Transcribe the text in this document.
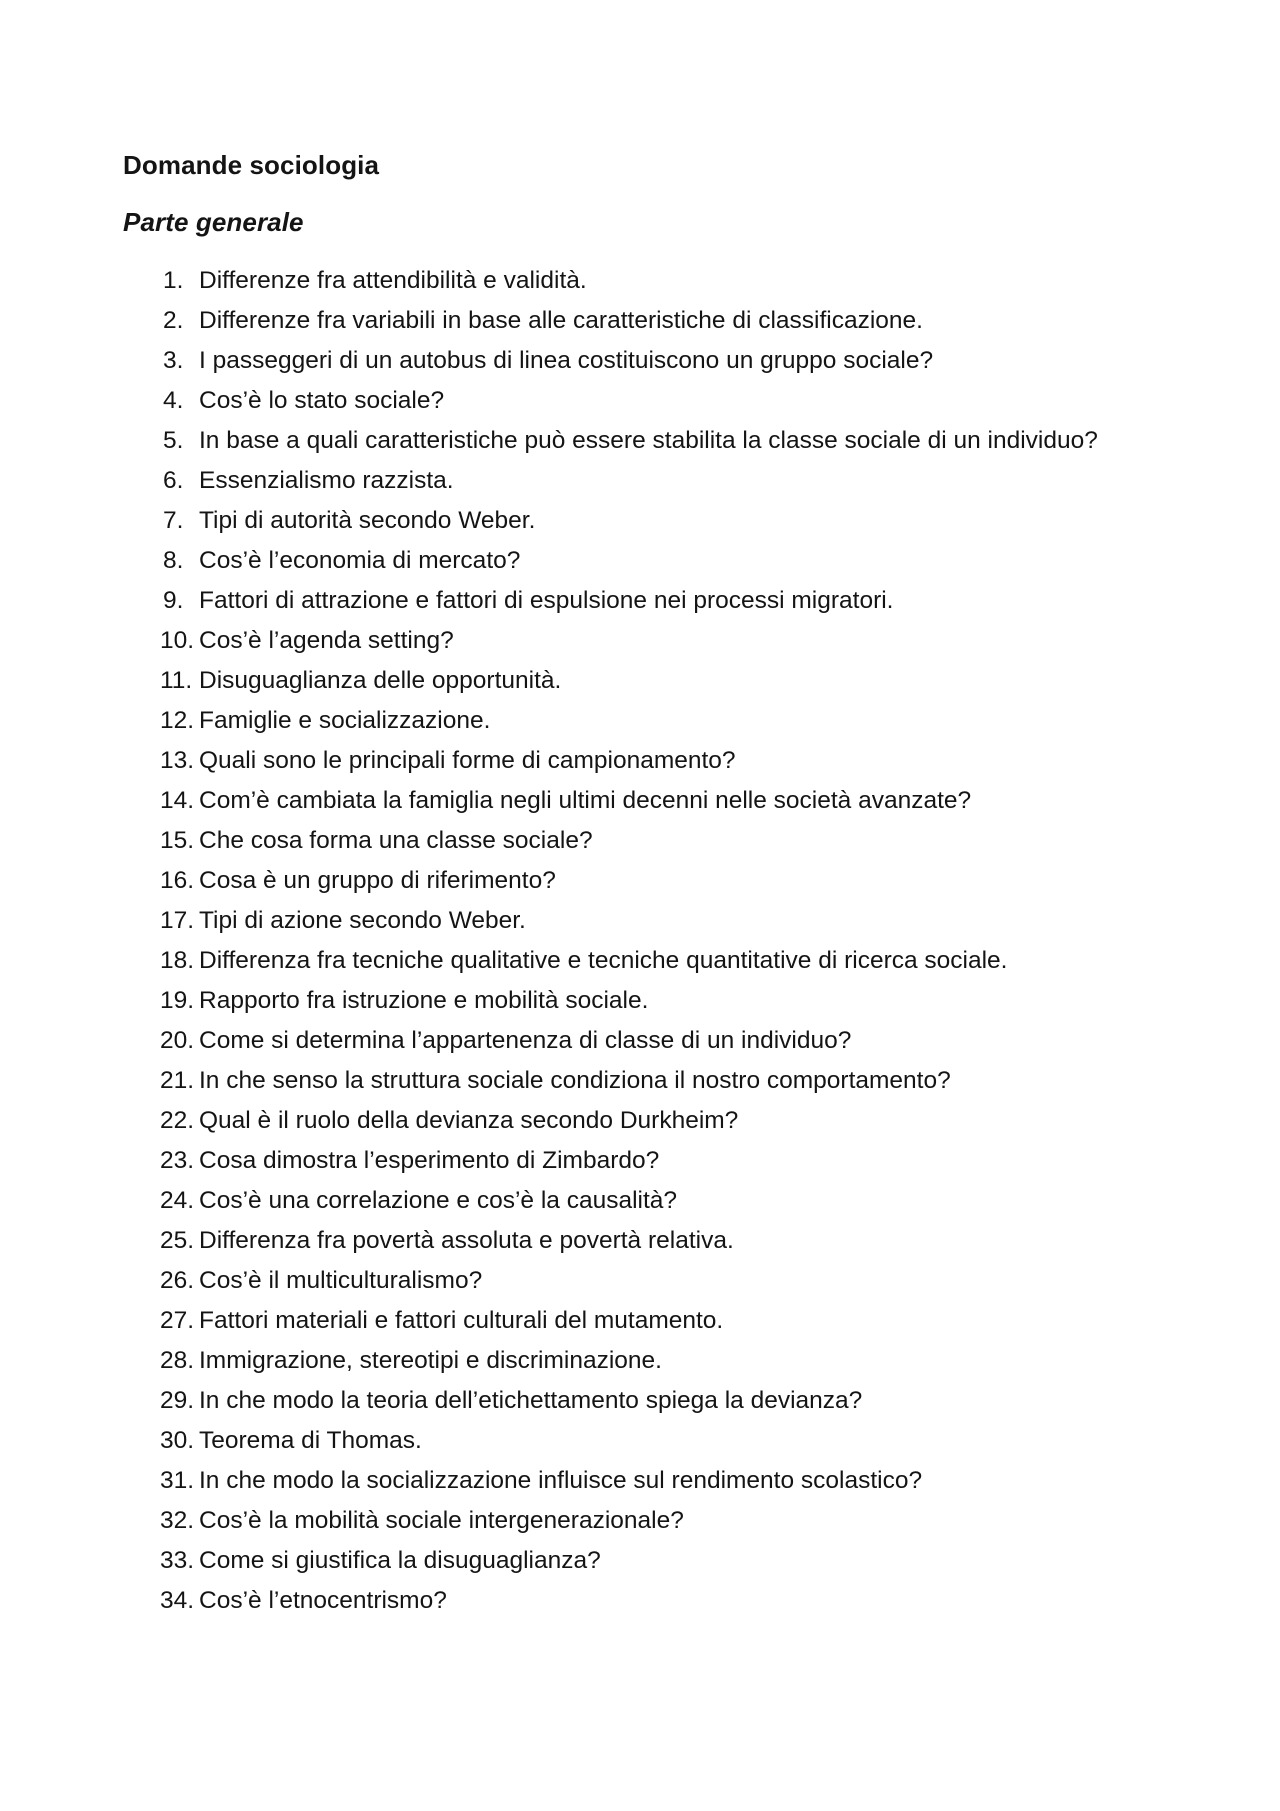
Domande sociologia
Parte generale
1. Differenze fra attendibilità e validità.
2. Differenze fra variabili in base alle caratteristiche di classificazione.
3. I passeggeri di un autobus di linea costituiscono un gruppo sociale?
4. Cos’è lo stato sociale?
5. In base a quali caratteristiche può essere stabilita la classe sociale di un individuo?
6. Essenzialismo razzista.
7. Tipi di autorità secondo Weber.
8. Cos’è l’economia di mercato?
9. Fattori di attrazione e fattori di espulsione nei processi migratori.
10. Cos’è l’agenda setting?
11. Disuguaglianza delle opportunità.
12. Famiglie e socializzazione.
13. Quali sono le principali forme di campionamento?
14. Com’è cambiata la famiglia negli ultimi decenni nelle società avanzate?
15. Che cosa forma una classe sociale?
16. Cosa è un gruppo di riferimento?
17. Tipi di azione secondo Weber.
18. Differenza fra tecniche qualitative e tecniche quantitative di ricerca sociale.
19. Rapporto fra istruzione e mobilità sociale.
20. Come si determina l’appartenenza di classe di un individuo?
21. In che senso la struttura sociale condiziona il nostro comportamento?
22. Qual è il ruolo della devianza secondo Durkheim?
23. Cosa dimostra l’esperimento di Zimbardo?
24. Cos’è una correlazione e cos’è la causalità?
25. Differenza fra povertà assoluta e povertà relativa.
26. Cos’è il multiculturalismo?
27. Fattori materiali e fattori culturali del mutamento.
28. Immigrazione, stereotipi e discriminazione.
29. In che modo la teoria dell’etichettamento spiega la devianza?
30. Teorema di Thomas.
31. In che modo la socializzazione influisce sul rendimento scolastico?
32. Cos’è la mobilità sociale intergenerazionale?
33. Come si giustifica la disuguaglianza?
34. Cos’è l’etnocentrismo?
